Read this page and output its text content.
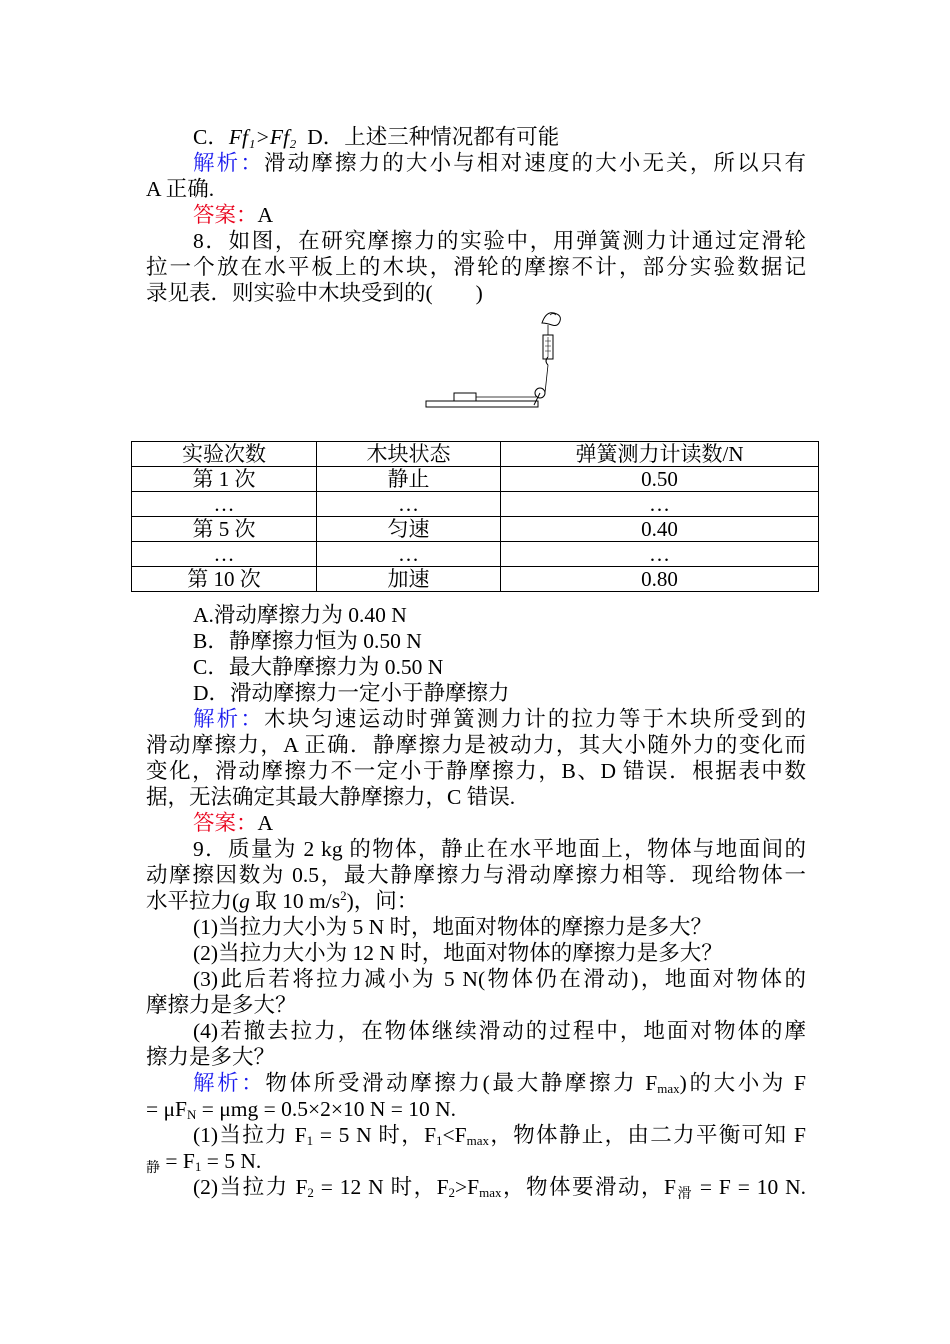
C．Ff₁>Ff₂ D．上述三种情况都有可能
解析：滑动摩擦力的大小与相对速度的大小无关，所以只有
A 正确.
答案：A
8．如图，在研究摩擦力的实验中，用弹簧测力计通过定滑轮
拉一个放在水平板上的木块，滑轮的摩擦不计，部分实验数据记
录见表．则实验中木块受到的(　　)
实验次数	木块状态	弹簧测力计读数/N
第 1 次	静止	0.50
…	…	…
第 5 次	匀速	0.40
…	…	…
第 10 次	加速	0.80
A.滑动摩擦力为 0.40 N
B．静摩擦力恒为 0.50 N
C．最大静摩擦力为 0.50 N
D．滑动摩擦力一定小于静摩擦力
解析：木块匀速运动时弹簧测力计的拉力等于木块所受到的
滑动摩擦力，A 正确．静摩擦力是被动力，其大小随外力的变化而
变化，滑动摩擦力不一定小于静摩擦力，B、D 错误．根据表中数
据，无法确定其最大静摩擦力，C 错误.
答案：A
9．质量为 2 kg 的物体，静止在水平地面上，物体与地面间的
动摩擦因数为 0.5，最大静摩擦力与滑动摩擦力相等．现给物体一
水平拉力(g 取 10 $m/s^2$)，问：
(1)当拉力大小为 5 N 时，地面对物体的摩擦力是多大？
(2)当拉力大小为 12 N 时，地面对物体的摩擦力是多大？
(3)此后若将拉力减小为 5 N(物体仍在滑动)，地面对物体的
摩擦力是多大？
(4)若撤去拉力，在物体继续滑动的过程中，地面对物体的摩
擦力是多大？
解析：物体所受滑动摩擦力(最大静摩擦力 $F_{max}$)的大小为 F
= $\mu F_N = \mu mg = 0.5\times 2\times 10$ N = 10 N.
(1)当拉力 $F_1 = 5$ N 时，$F_1<F_{max}$，物体静止，由二力平衡可知 F
静 = $F_1 = 5$ N.
(2)当拉力 $F_2 = 12$ N 时，$F_2>F_{max}$，物体要滑动，F滑 = F = 10 N.
